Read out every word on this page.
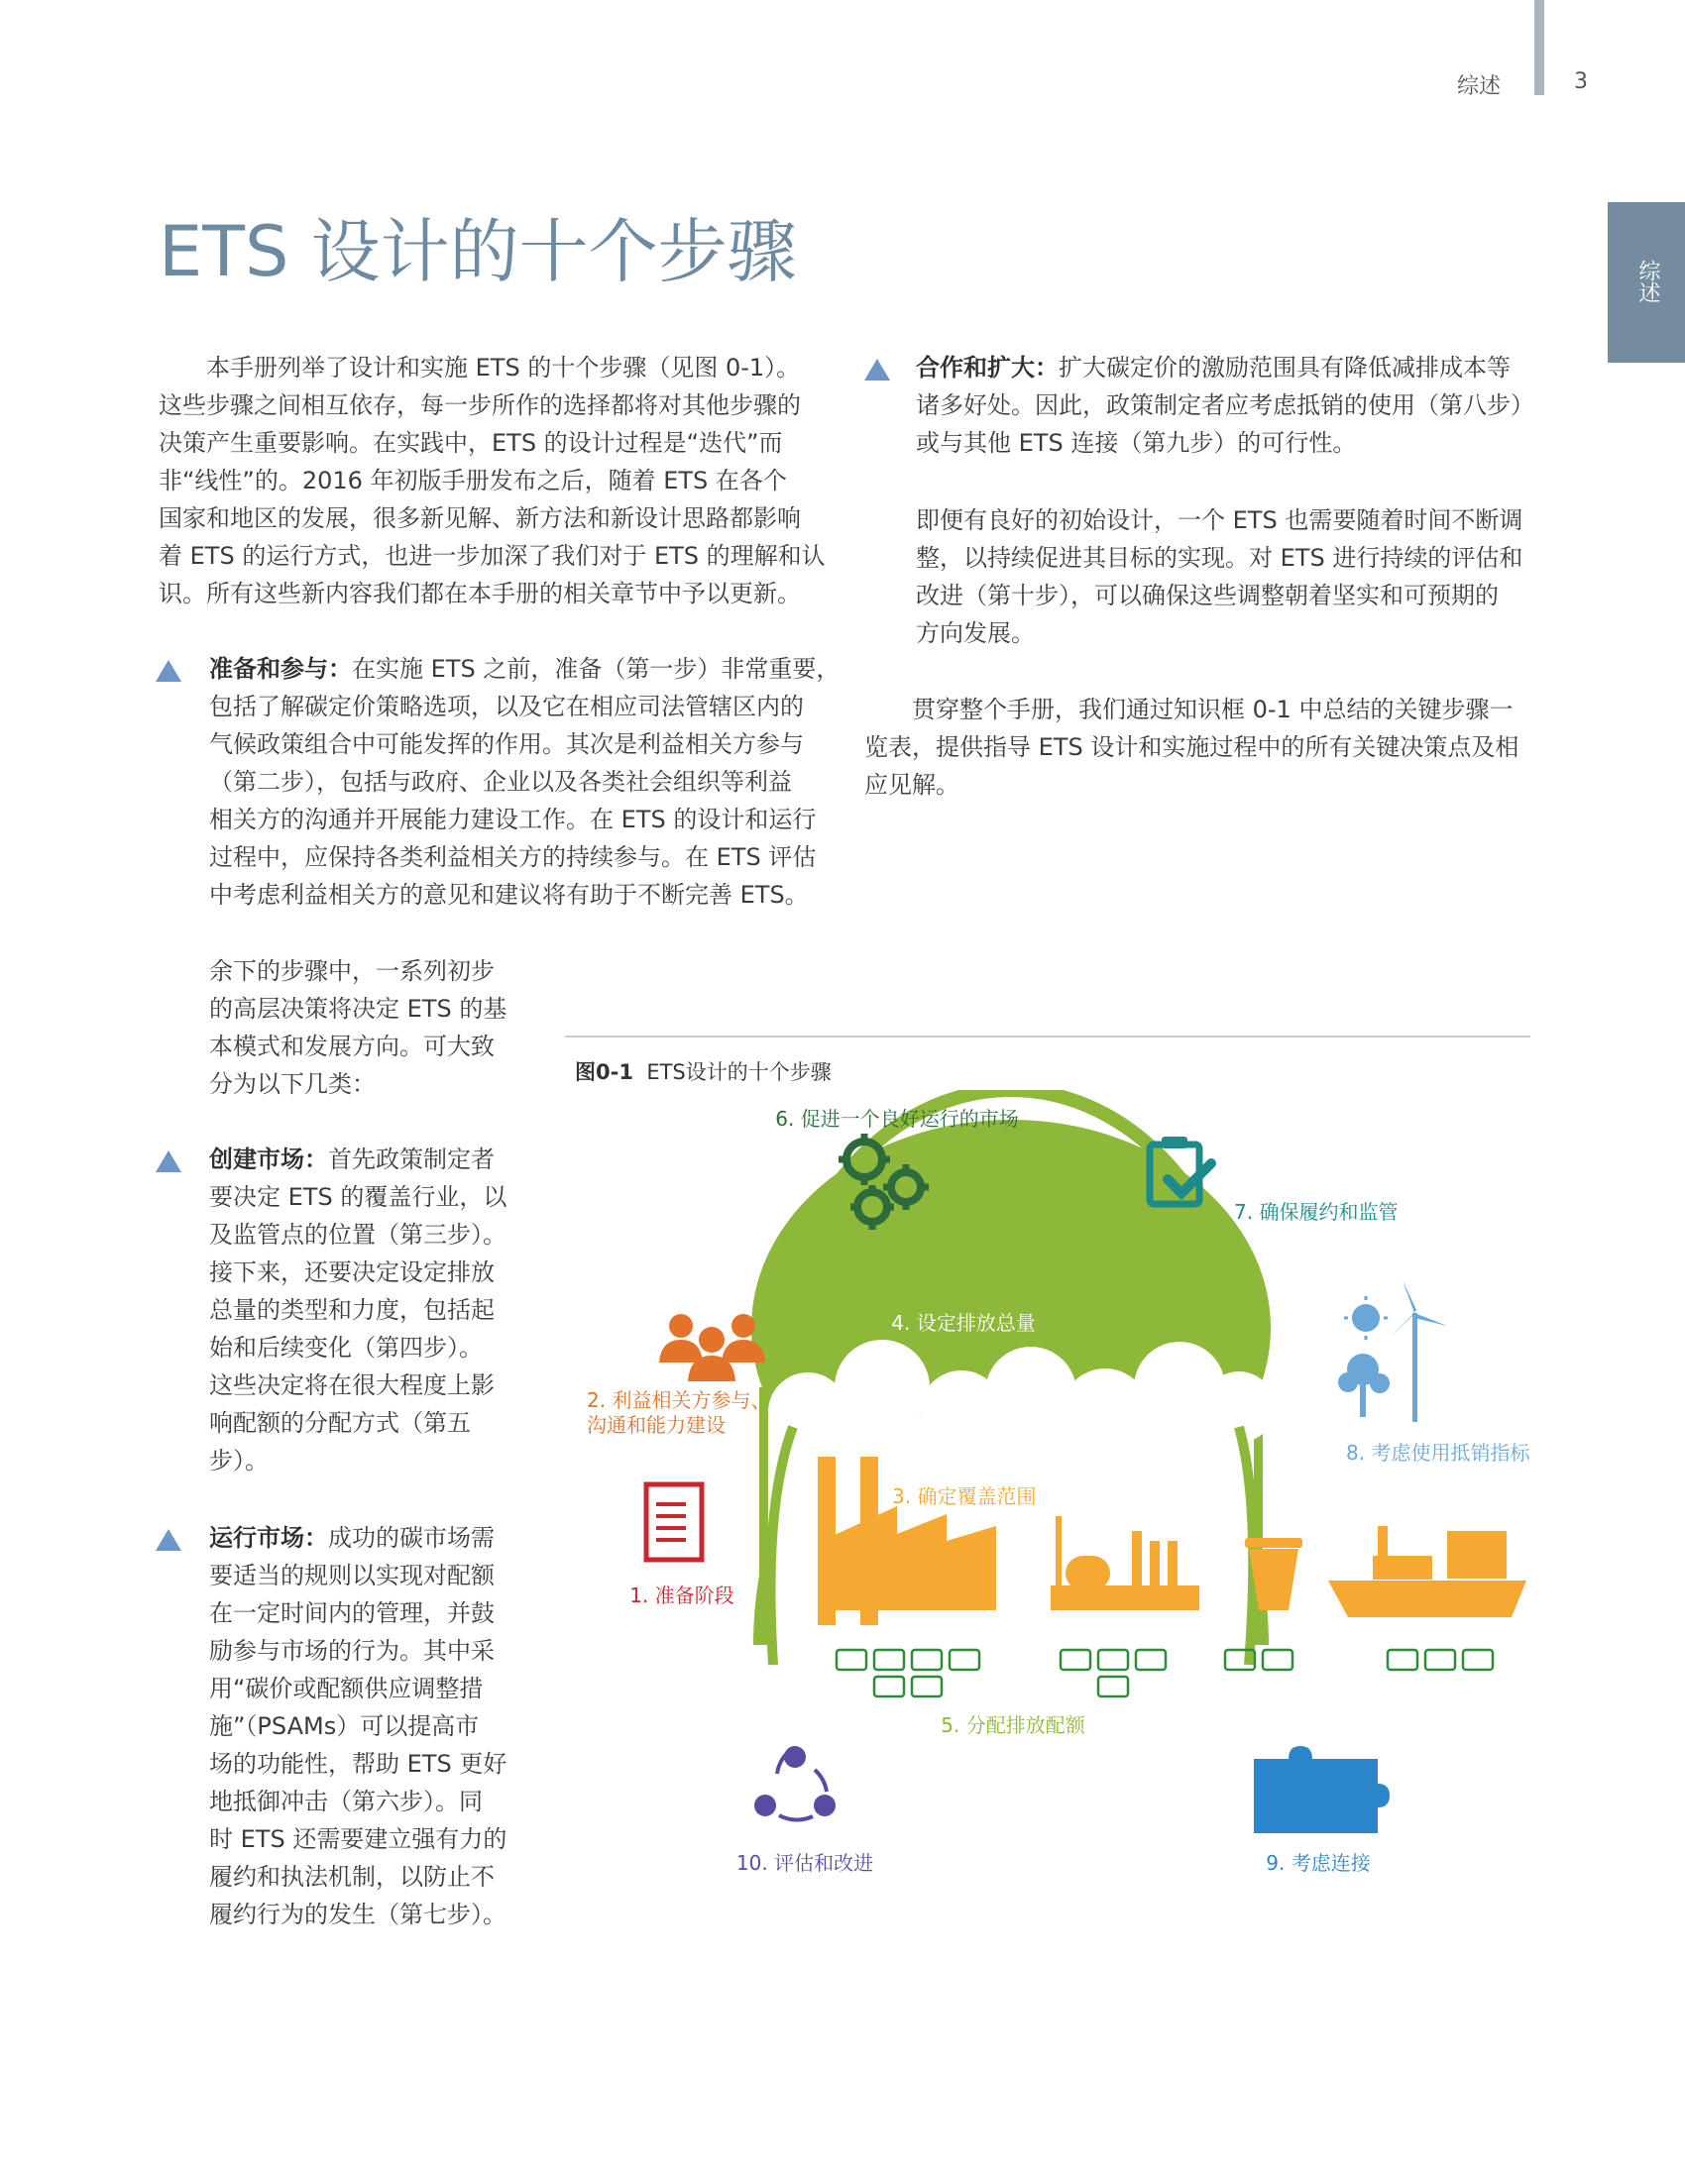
综述	3
综述
ETS 设计的十个步骤

本手册列举了设计和实施 ETS 的十个步骤（见图 0-1）。

这些步骤之间相互依存，每一步所作的选择都将对其他步骤的

决策产生重要影响。在实践中，ETS 的设计过程是“迭代”而

非“线性”的。2016 年初版手册发布之后，随着 ETS 在各个

国家和地区的发展，很多新见解、新方法和新设计思路都影响

着 ETS 的运行方式，也进一步加深了我们对于 ETS 的理解和认

识。所有这些新内容我们都在本手册的相关章节中予以更新。

准备和参与：在实施 ETS 之前，准备（第一步）非常重要，

包括了解碳定价策略选项，以及它在相应司法管辖区内的

气候政策组合中可能发挥的作用。其次是利益相关方参与

（第二步），包括与政府、企业以及各类社会组织等利益

相关方的沟通并开展能力建设工作。在 ETS 的设计和运行

过程中，应保持各类利益相关方的持续参与。在 ETS 评估

中考虑利益相关方的意见和建议将有助于不断完善 ETS。

余下的步骤中，一系列初步

的高层决策将决定 ETS 的基

本模式和发展方向。可大致

分为以下几类：

创建市场：首先政策制定者

要决定 ETS 的覆盖行业，以

及监管点的位置（第三步）。

接下来，还要决定设定排放

总量的类型和力度，包括起

始和后续变化（第四步）。

这些决定将在很大程度上影

响配额的分配方式（第五

步）。

运行市场：成功的碳市场需

要适当的规则以实现对配额

在一定时间内的管理，并鼓

励参与市场的行为。其中采

用“碳价或配额供应调整措

施”（PSAMs）可以提高市

场的功能性，帮助 ETS 更好

地抵御冲击（第六步）。同

时 ETS 还需要建立强有力的

履约和执法机制，以防止不

履约行为的发生（第七步）。

合作和扩大：扩大碳定价的激励范围具有降低减排成本等

诸多好处。因此，政策制定者应考虑抵销的使用（第八步）

或与其他 ETS 连接（第九步）的可行性。

即便有良好的初始设计，一个 ETS 也需要随着时间不断调

整，以持续促进其目标的实现。对 ETS 进行持续的评估和

改进（第十步），可以确保这些调整朝着坚实和可预期的

方向发展。

贯穿整个手册，我们通过知识框 0-1 中总结的关键步骤一

览表，提供指导 ETS 设计和实施过程中的所有关键决策点及相

应见解。

图0-1 ETS设计的十个步骤
6. 促进一个良好运行的市场
7. 确保履约和监管
4. 设定排放总量
2. 利益相关方参与、
沟通和能力建设
8. 考虑使用抵销指标
3. 确定覆盖范围
1. 准备阶段
5. 分配排放配额
10. 评估和改进	9. 考虑连接
